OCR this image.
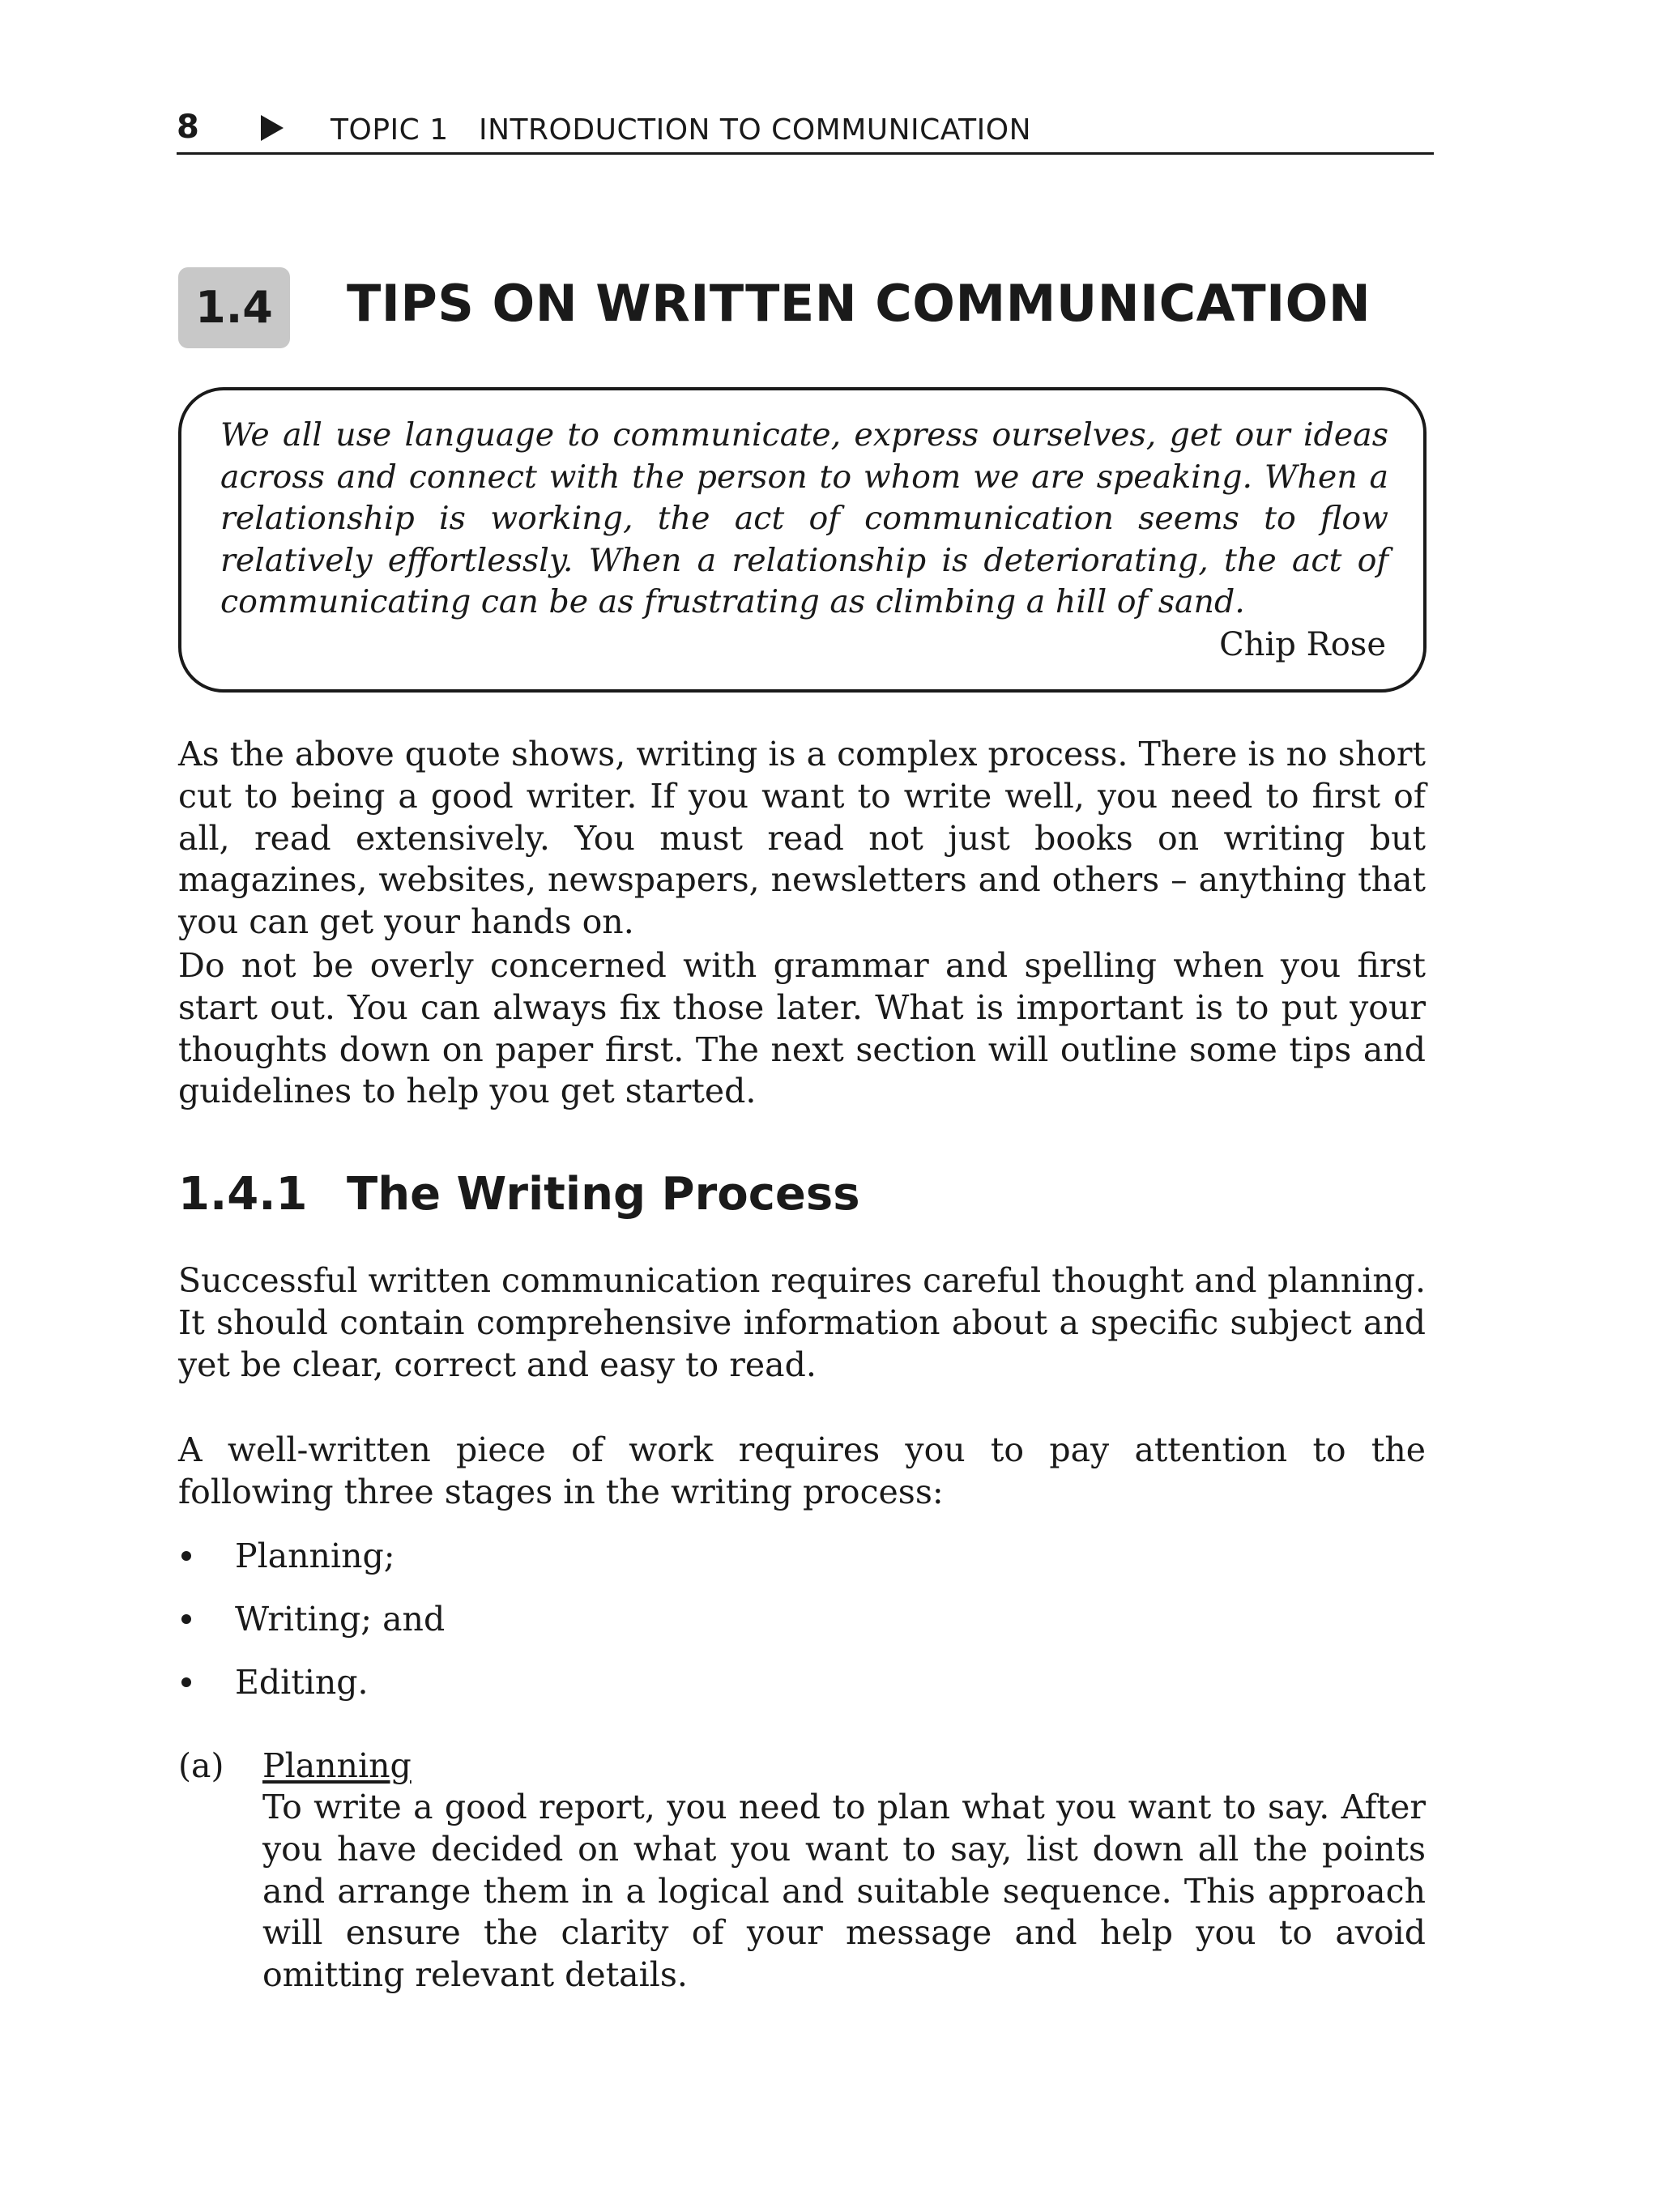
8	TOPIC 1 INTRODUCTION TO COMMUNICATION
1.4	TIPS ON WRITTEN COMMUNICATION

We all use language to communicate, express ourselves, get our ideas across and connect with the person to whom we are speaking. When a relationship is working, the act of communication seems to flow relatively effortlessly. When a relationship is deteriorating, the act of communicating can be as frustrating as climbing a hill of sand.

Chip Rose

As the above quote shows, writing is a complex process. There is no short cut to being a good writer. If you want to write well, you need to first of all, read extensively. You must read not just books on writing but magazines, websites, newspapers, newsletters and others – anything that you can get your hands on.

Do not be overly concerned with grammar and spelling when you first start out. You can always fix those later. What is important is to put your thoughts down on paper first. The next section will outline some tips and guidelines to help you get started.

1.4.1 The Writing Process

Successful written communication requires careful thought and planning. It should contain comprehensive information about a specific subject and yet be clear, correct and easy to read.

A well-written piece of work requires you to pay attention to the following three stages in the writing process:

Planning;
Writing; and
Editing.
(a) Planning

To write a good report, you need to plan what you want to say. After you have decided on what you want to say, list down all the points and arrange them in a logical and suitable sequence. This approach will ensure the clarity of your message and help you to avoid omitting relevant details.
